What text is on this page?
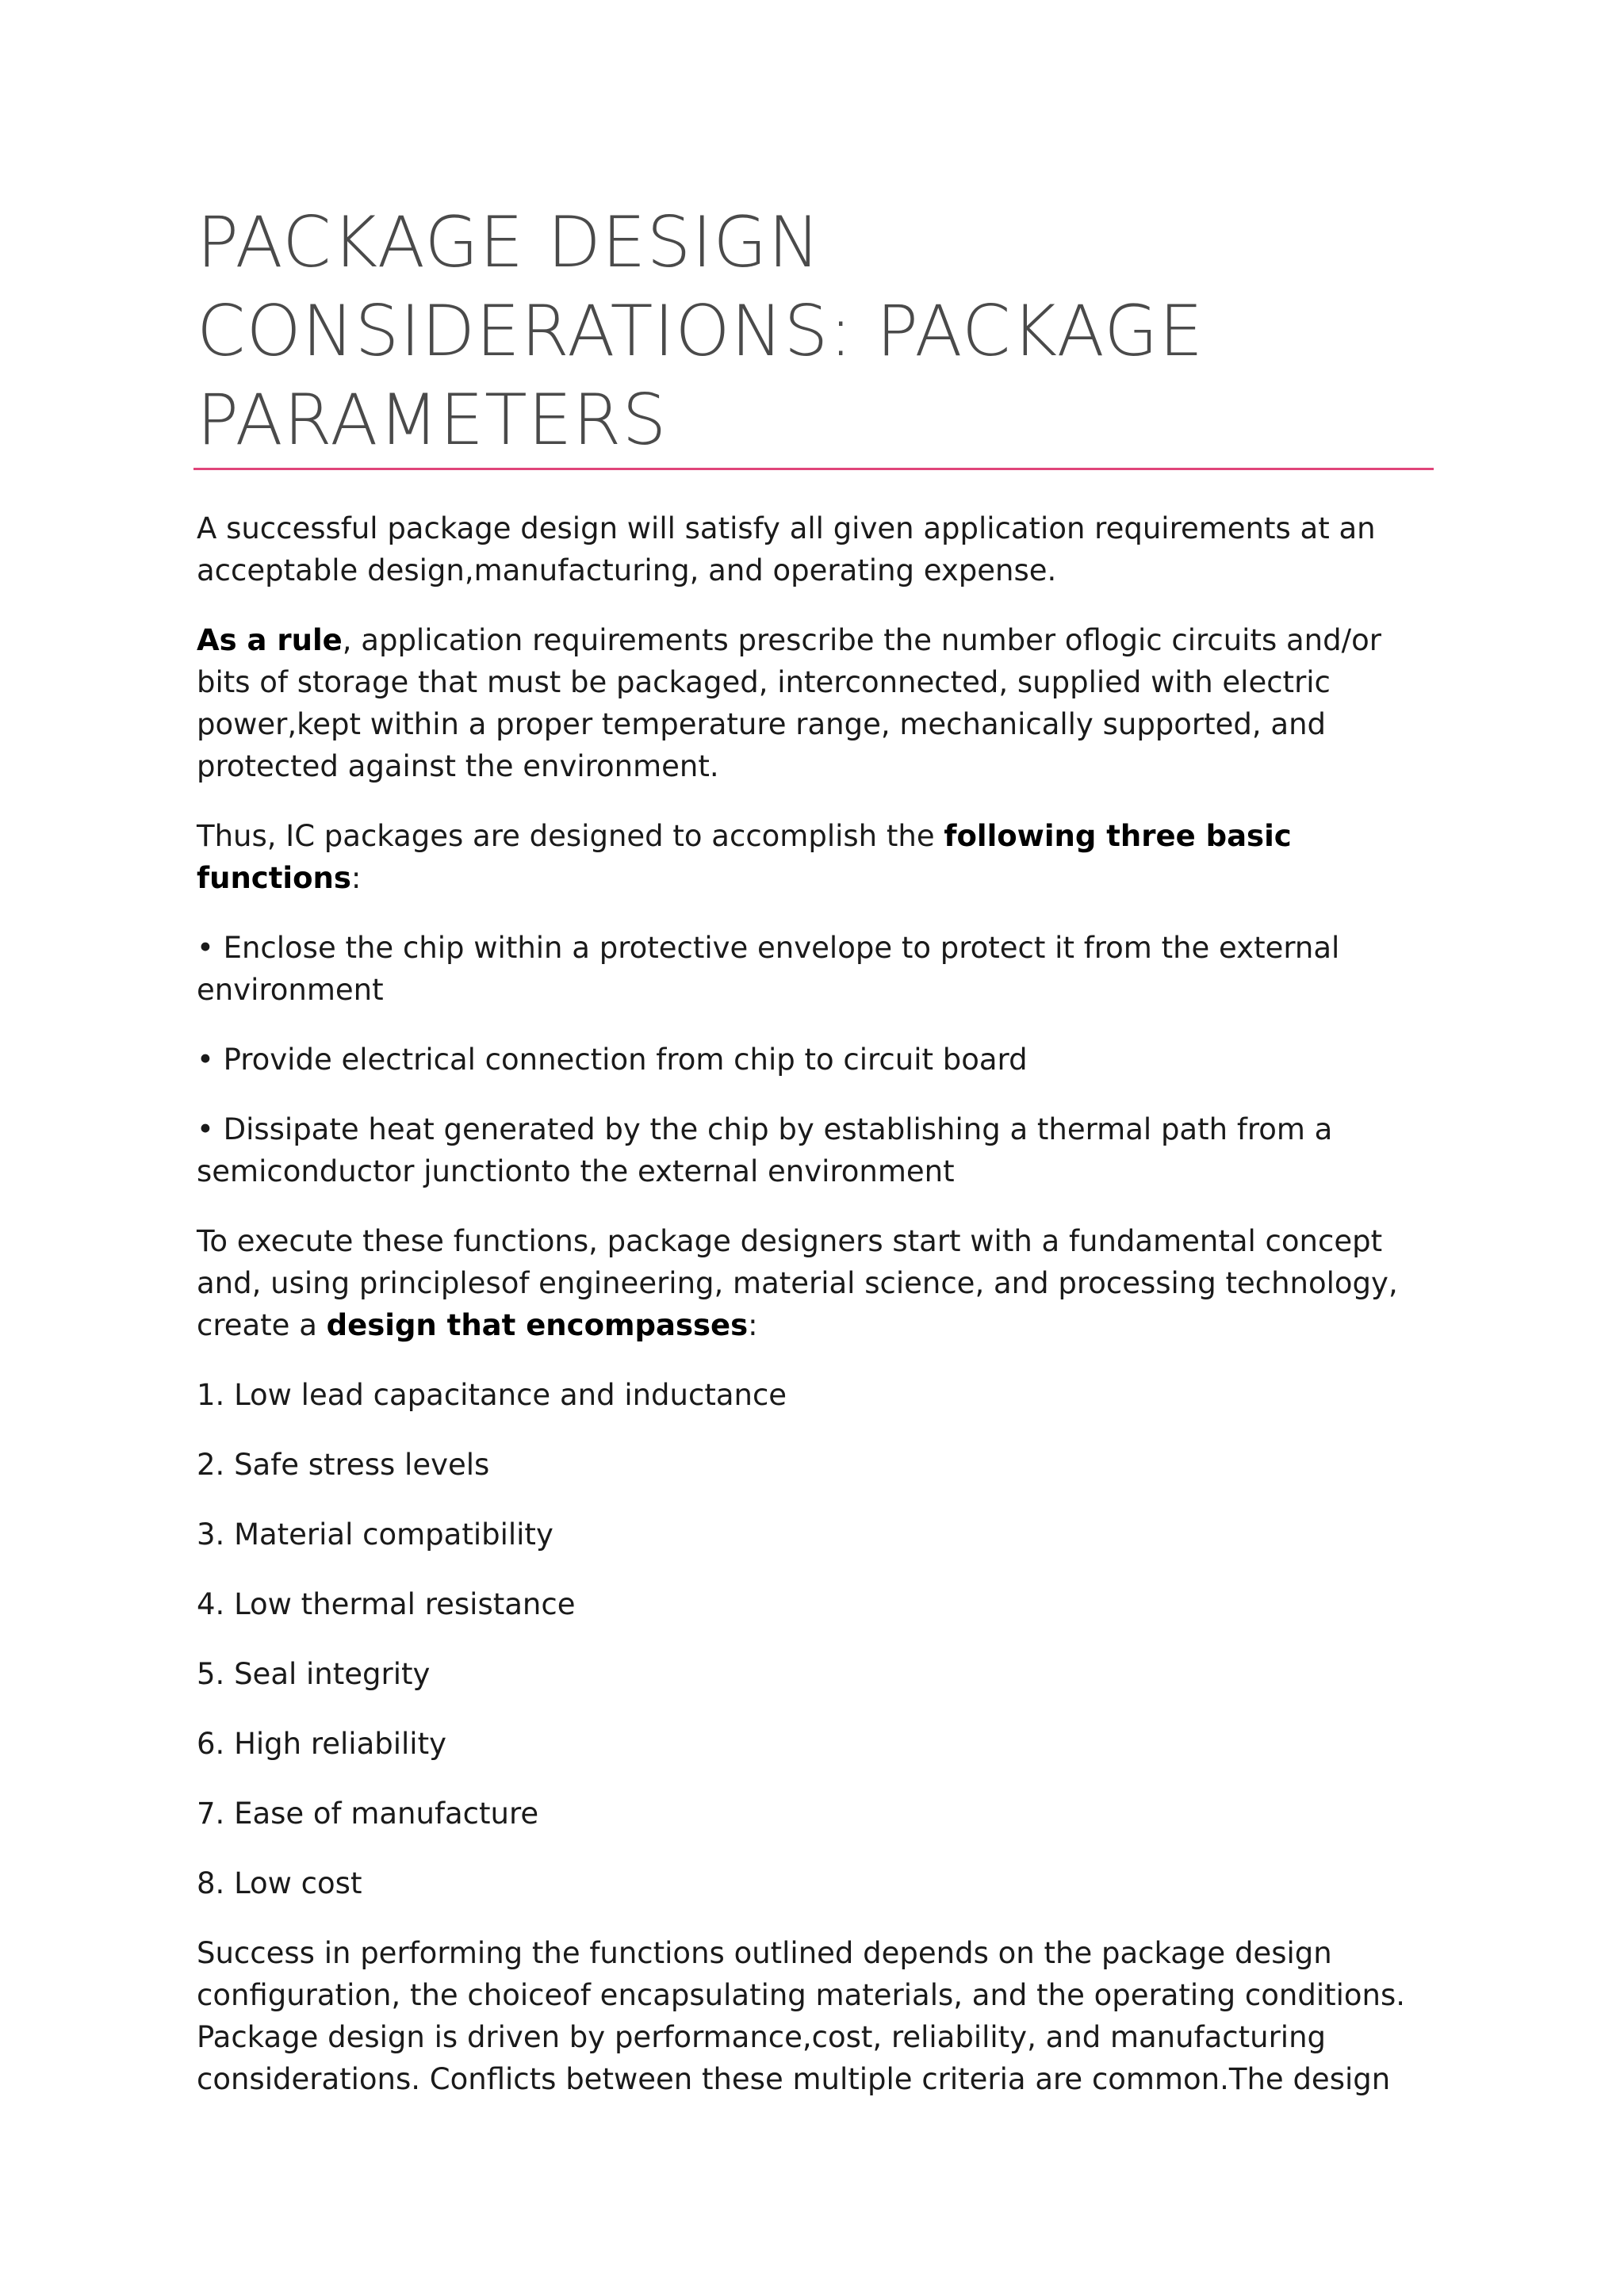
PACKAGE DESIGN
CONSIDERATIONS: PACKAGE
PARAMETERS

A successful package design will satisfy all given application requirements at an acceptable design,manufacturing, and operating expense.

As a rule, application requirements prescribe the number oflogic circuits and/or bits of storage that must be packaged, interconnected, supplied with electric power,kept within a proper temperature range, mechanically supported, and protected against the environment.

Thus, IC packages are designed to accomplish the following three basic functions:

• Enclose the chip within a protective envelope to protect it from the external environment

• Provide electrical connection from chip to circuit board

• Dissipate heat generated by the chip by establishing a thermal path from a semiconductor junctionto the external environment

To execute these functions, package designers start with a fundamental concept and, using principlesof engineering, material science, and processing technology, create a design that encompasses:

1. Low lead capacitance and inductance

2. Safe stress levels

3. Material compatibility

4. Low thermal resistance

5. Seal integrity

6. High reliability

7. Ease of manufacture

8. Low cost

Success in performing the functions outlined depends on the package design configuration, the choiceof encapsulating materials, and the operating conditions. Package design is driven by performance,cost, reliability, and manufacturing considerations. Conflicts between these multiple criteria are common.The design
